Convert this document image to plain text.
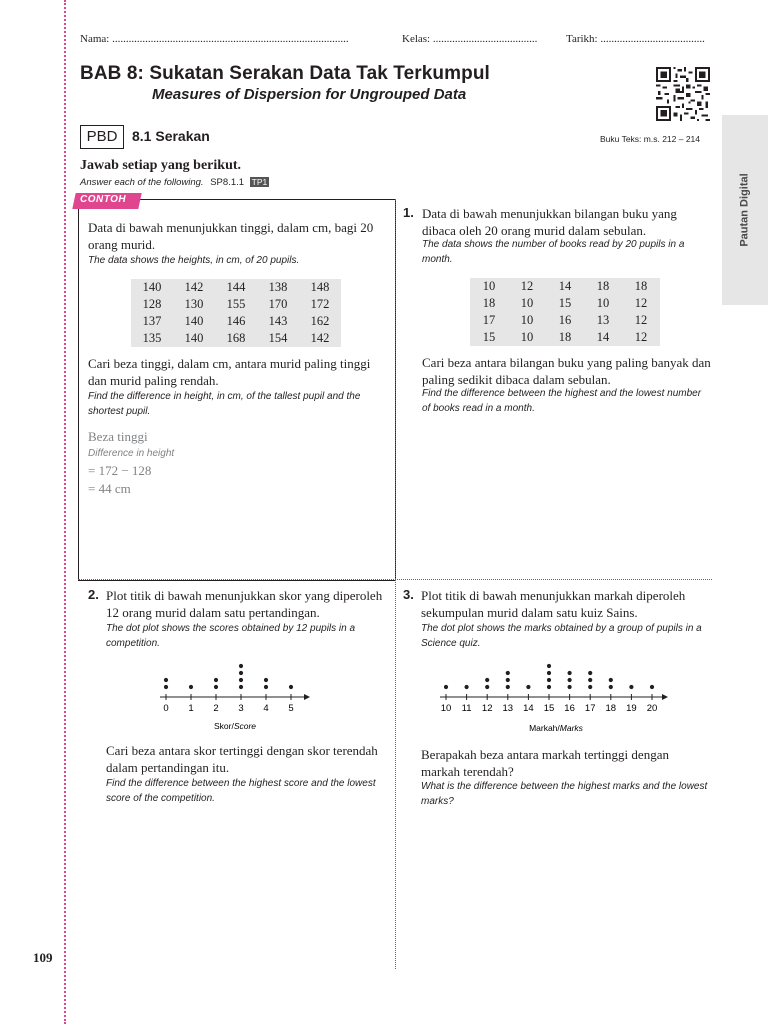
Nama: ......................................................................................	Kelas: ......................................	Tarikh: ......................................
BAB 8: Sukatan Serakan Data Tak Terkumpul
Measures of Dispersion for Ungrouped Data
PBD	8.1 Serakan	Buku Teks: m.s. 212 – 214
Pautan Digital
Jawab setiap yang berikut.
Answer each of the following. SP8.1.1 TP1
CONTOH
Data di bawah menunjukkan tinggi, dalam cm, bagi 20 orang murid.
The data shows the heights, in cm, of 20 pupils.
140	142	144	138	148
128	130	155	170	172
137	140	146	143	162
135	140	168	154	142
Cari beza tinggi, dalam cm, antara murid paling tinggi dan murid paling rendah.
Find the difference in height, in cm, of the tallest pupil and the shortest pupil.
Beza tinggi
Difference in height
= 172 − 128
= 44 cm
1. Data di bawah menunjukkan bilangan buku yang dibaca oleh 20 orang murid dalam sebulan.
The data shows the number of books read by 20 pupils in a month.
10	12	14	18	18
18	10	15	10	12
17	10	16	13	12
15	10	18	14	12
Cari beza antara bilangan buku yang paling banyak dan paling sedikit dibaca dalam sebulan.
Find the difference between the highest and the lowest number of books read in a month.
2. Plot titik di bawah menunjukkan skor yang diperoleh 12 orang murid dalam satu pertandingan.
The dot plot shows the scores obtained by 12 pupils in a competition.
0 1 2 3 4 5
Skor/Score
Cari beza antara skor tertinggi dengan skor terendah dalam pertandingan itu.
Find the difference between the highest score and the lowest score of the competition.
3. Plot titik di bawah menunjukkan markah diperoleh sekumpulan murid dalam satu kuiz Sains.
The dot plot shows the marks obtained by a group of pupils in a Science quiz.
10 11 12 13 14 15 16 17 18 19 20
Markah/Marks
Berapakah beza antara markah tertinggi dengan markah terendah?
What is the difference between the highest marks and the lowest marks?
109
